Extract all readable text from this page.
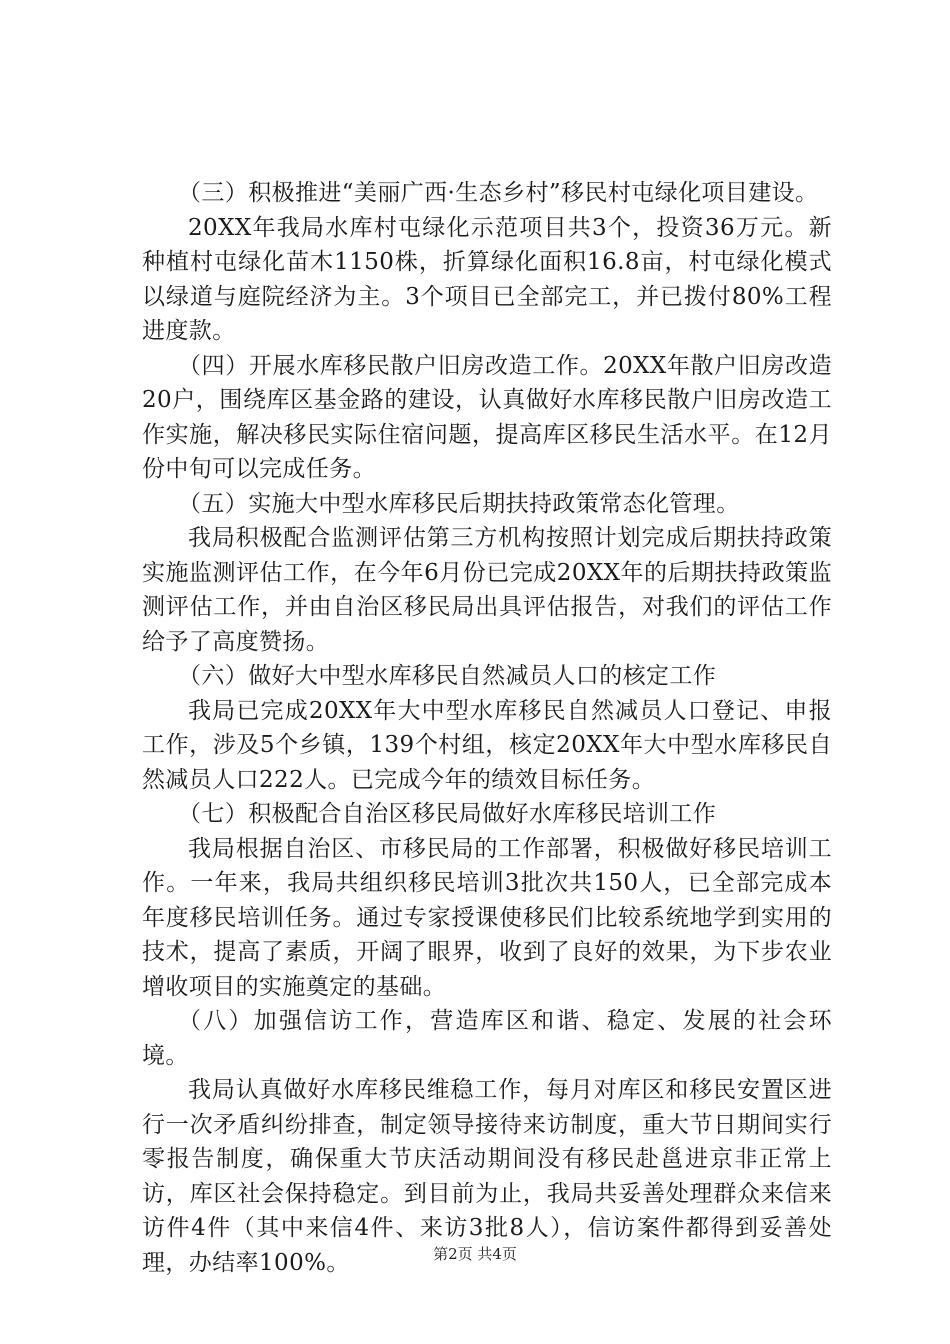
（三）积极推进“美丽广西·生态乡村”移民村屯绿化项目建设。

20XX年我局水库村屯绿化示范项目共3个，投资36万元。新种植村屯绿化苗木1150株，折算绿化面积16.8亩，村屯绿化模式以绿道与庭院经济为主。3个项目已全部完工，并已拨付80%工程进度款。

（四）开展水库移民散户旧房改造工作。20XX年散户旧房改造20户，围绕库区基金路的建设，认真做好水库移民散户旧房改造工作实施，解决移民实际住宿问题，提高库区移民生活水平。在12月份中旬可以完成任务。

（五）实施大中型水库移民后期扶持政策常态化管理。

我局积极配合监测评估第三方机构按照计划完成后期扶持政策实施监测评估工作，在今年6月份已完成20XX年的后期扶持政策监测评估工作，并由自治区移民局出具评估报告，对我们的评估工作给予了高度赞扬。

（六）做好大中型水库移民自然减员人口的核定工作

我局已完成20XX年大中型水库移民自然减员人口登记、申报工作，涉及5个乡镇，139个村组，核定20XX年大中型水库移民自然减员人口222人。已完成今年的绩效目标任务。

（七）积极配合自治区移民局做好水库移民培训工作

我局根据自治区、市移民局的工作部署，积极做好移民培训工作。一年来，我局共组织移民培训3批次共150人，已全部完成本年度移民培训任务。通过专家授课使移民们比较系统地学到实用的技术，提高了素质，开阔了眼界，收到了良好的效果，为下步农业增收项目的实施奠定的基础。

（八）加强信访工作，营造库区和谐、稳定、发展的社会环境。

我局认真做好水库移民维稳工作，每月对库区和移民安置区进行一次矛盾纠纷排查，制定领导接待来访制度，重大节日期间实行零报告制度，确保重大节庆活动期间没有移民赴邕进京非正常上访，库区社会保持稳定。到目前为止，我局共妥善处理群众来信来访件4件（其中来信4件、来访3批8人），信访案件都得到妥善处理，办结率100%。	第2页 共4页
